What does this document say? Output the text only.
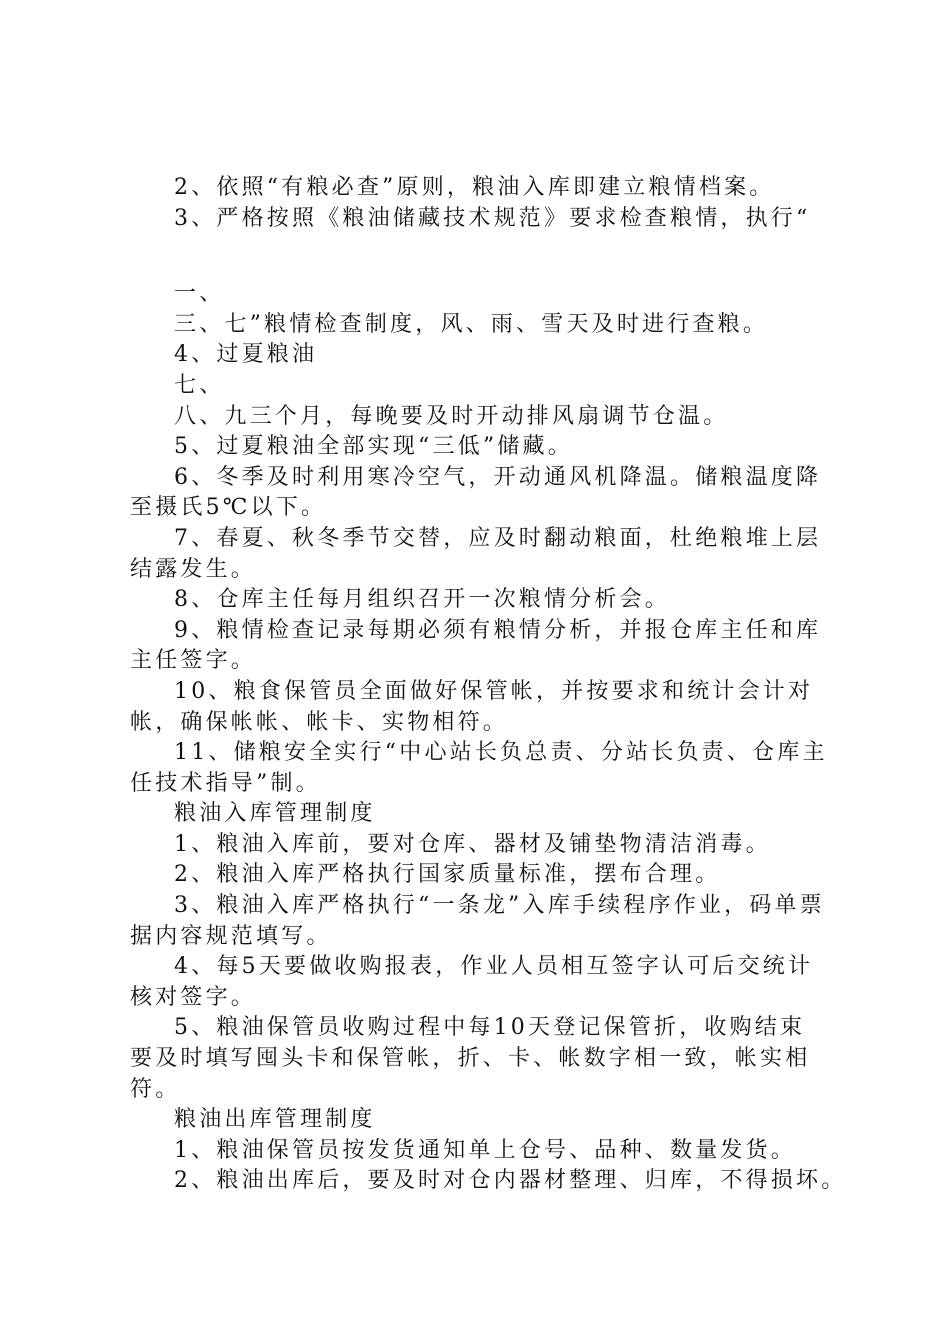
2、依照“有粮必查”原则，粮油入库即建立粮情档案。

3、严格按照《粮油储藏技术规范》要求检查粮情，执行“

一、

三、七”粮情检查制度，风、雨、雪天及时进行查粮。

4、过夏粮油

七、

八、九三个月，每晚要及时开动排风扇调节仓温。

5、过夏粮油全部实现“三低”储藏。

6、冬季及时利用寒冷空气，开动通风机降温。储粮温度降至摄氏5℃以下。

7、春夏、秋冬季节交替，应及时翻动粮面，杜绝粮堆上层结露发生。

8、仓库主任每月组织召开一次粮情分析会。

9、粮情检查记录每期必须有粮情分析，并报仓库主任和库主任签字。

10、粮食保管员全面做好保管帐，并按要求和统计会计对帐，确保帐帐、帐卡、实物相符。

11、储粮安全实行“中心站长负总责、分站长负责、仓库主任技术指导”制。

粮油入库管理制度

1、粮油入库前，要对仓库、器材及铺垫物清洁消毒。

2、粮油入库严格执行国家质量标准，摆布合理。

3、粮油入库严格执行“一条龙”入库手续程序作业，码单票据内容规范填写。

4、每5天要做收购报表，作业人员相互签字认可后交统计核对签字。

5、粮油保管员收购过程中每10天登记保管折，收购结束要及时填写囤头卡和保管帐，折、卡、帐数字相一致，帐实相符。

粮油出库管理制度

1、粮油保管员按发货通知单上仓号、品种、数量发货。

2、粮油出库后，要及时对仓内器材整理、归库，不得损坏。
